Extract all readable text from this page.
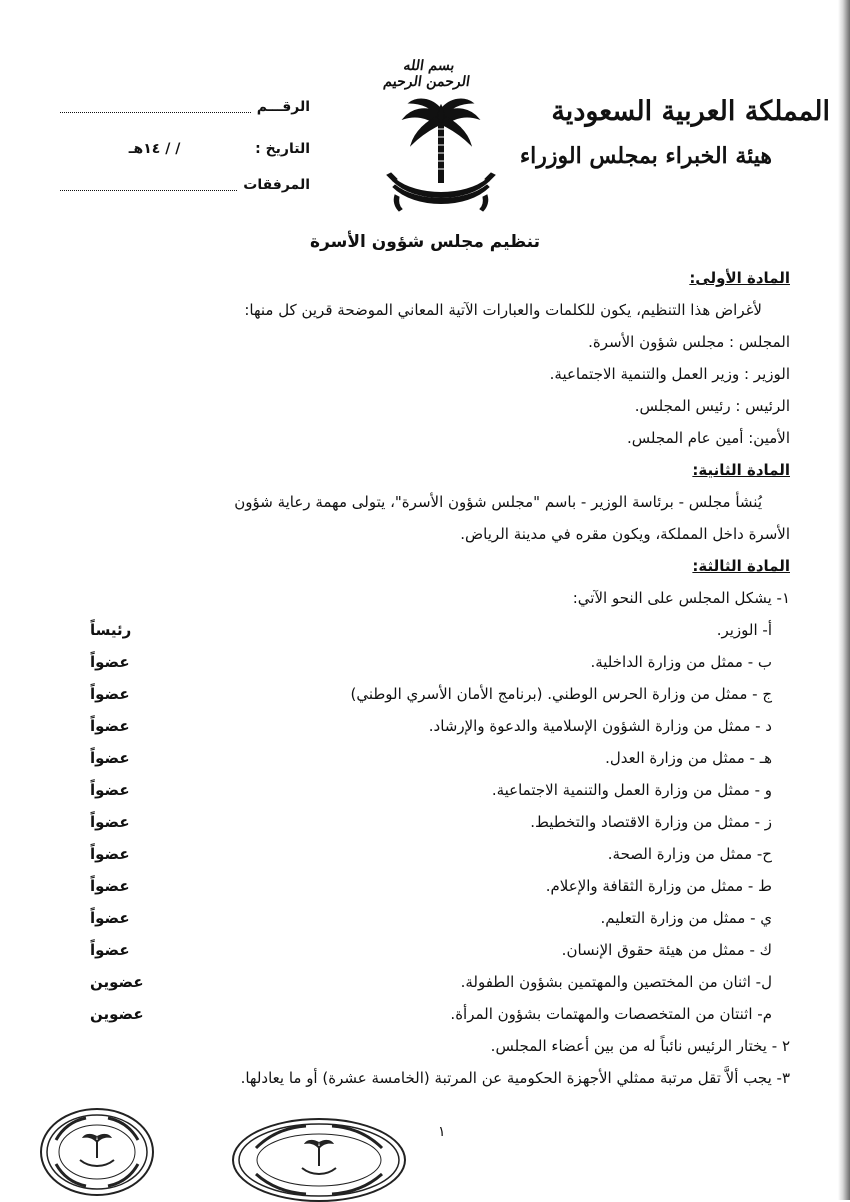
بسم الله الرحمن الرحيم
المملكة العربية السعودية
هيئة الخبراء بمجلس الوزراء
الرقـــم
التاريخ :
/ / ١٤هـ
المرفقات
تنظيم مجلس شؤون الأسرة
المادة الأولى:
لأغراض هذا التنظيم، يكون للكلمات والعبارات الآتية المعاني الموضحة قرين كل منها:
المجلس : مجلس شؤون الأسرة.
الوزير : وزير العمل والتنمية الاجتماعية.
الرئيس : رئيس المجلس.
الأمين: أمين عام المجلس.
المادة الثانية:
يُنشأ مجلس - برئاسة الوزير - باسم "مجلس شؤون الأسرة"، يتولى مهمة رعاية شؤون
الأسرة داخل المملكة، ويكون مقره في مدينة الرياض.
المادة الثالثة:
١- يشكل المجلس على النحو الآتي:
أ- الوزير.
رئيساً
ب - ممثل من وزارة الداخلية.
عضواً
ج - ممثل من وزارة الحرس الوطني. (برنامج الأمان الأسري الوطني)
عضواً
د - ممثل من وزارة الشؤون الإسلامية والدعوة والإرشاد.
عضواً
هـ - ممثل من وزارة العدل.
عضواً
و - ممثل من وزارة العمل والتنمية الاجتماعية.
عضواً
ز - ممثل من وزارة الاقتصاد والتخطيط.
عضواً
ح- ممثل من وزارة الصحة.
عضواً
ط - ممثل من وزارة الثقافة والإعلام.
عضواً
ي - ممثل من وزارة التعليم.
عضواً
ك - ممثل من هيئة حقوق الإنسان.
عضواً
ل- اثنان من المختصين والمهتمين بشؤون الطفولة.
عضوين
م- اثنتان من المتخصصات والمهتمات بشؤون المرأة.
عضوين
٢ - يختار الرئيس نائباً له من بين أعضاء المجلس.
٣- يجب ألاَّ تقل مرتبة ممثلي الأجهزة الحكومية عن المرتبة (الخامسة عشرة) أو ما يعادلها.
١
